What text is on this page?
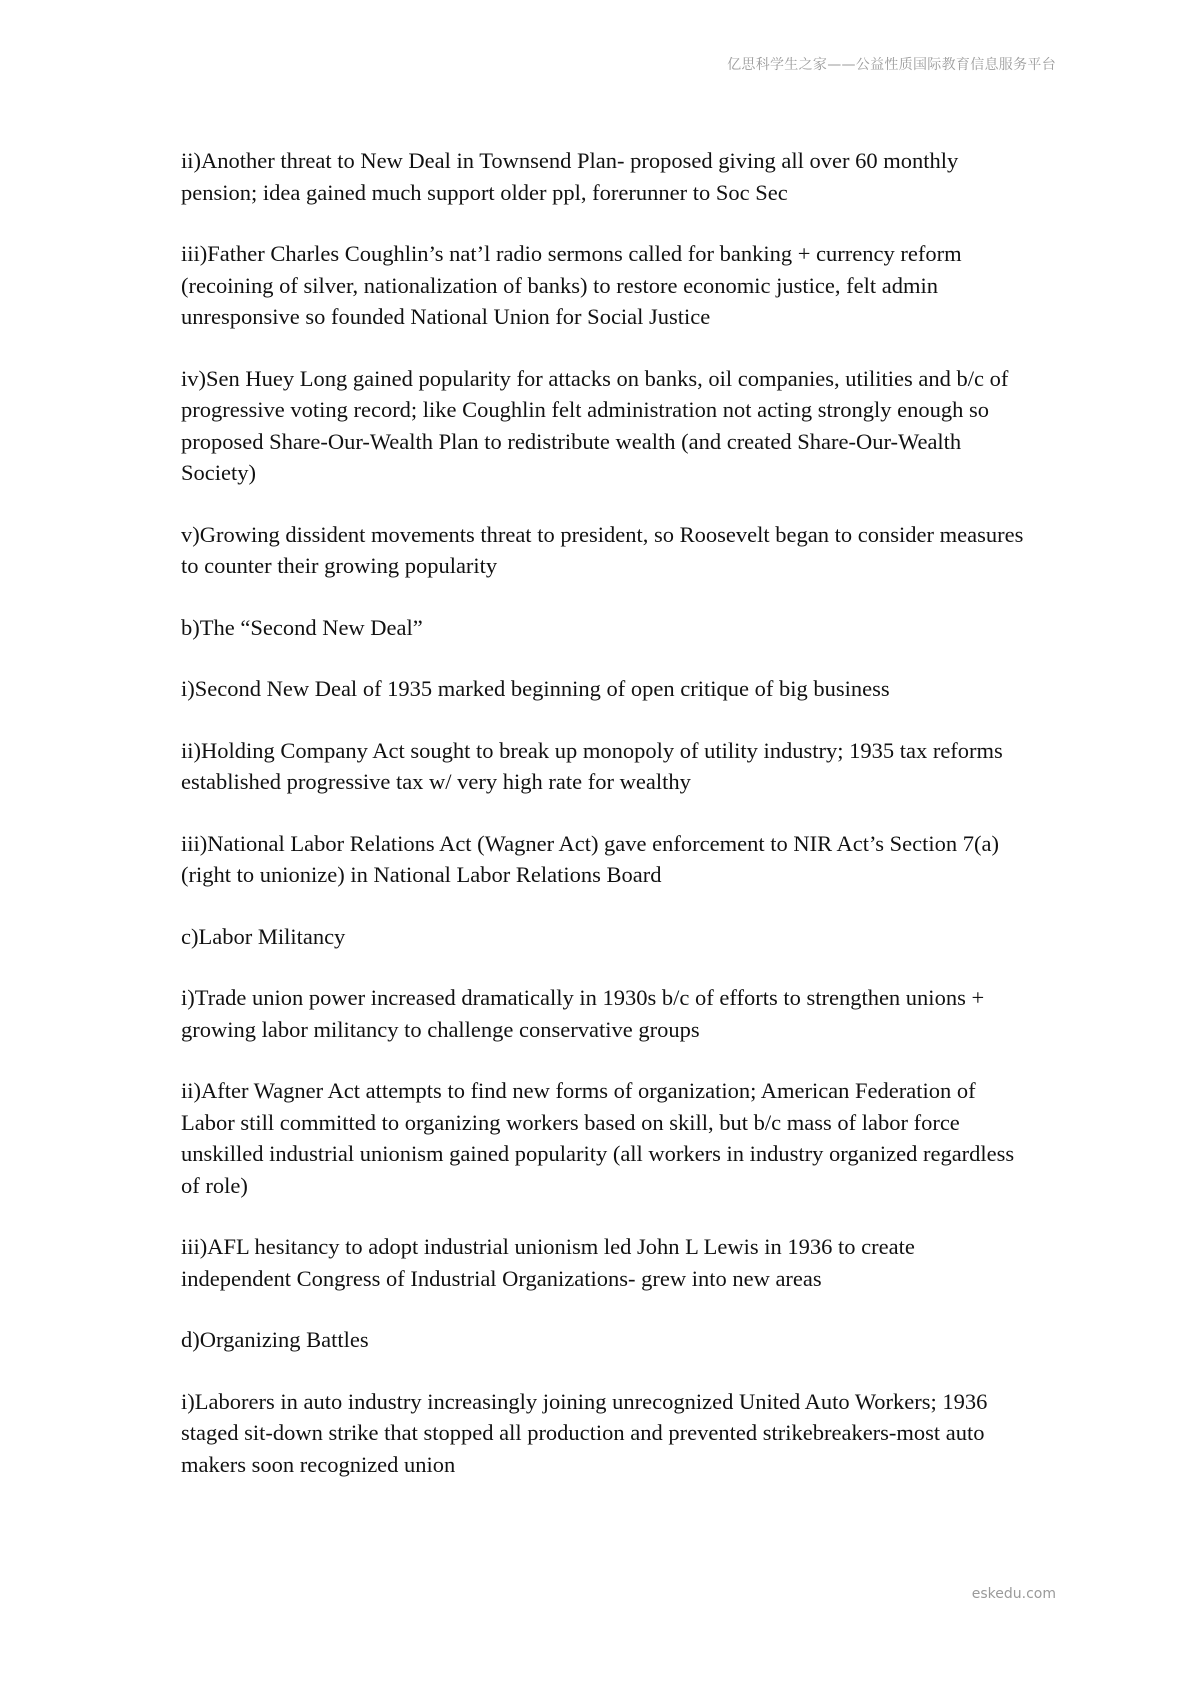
亿思科学生之家——公益性质国际教育信息服务平台

ii)Another threat to New Deal in Townsend Plan- proposed giving all over 60 monthly pension; idea gained much support older ppl, forerunner to Soc Sec

iii)Father Charles Coughlin’s nat’l radio sermons called for banking + currency reform (recoining of silver, nationalization of banks) to restore economic justice, felt admin unresponsive so founded National Union for Social Justice

iv)Sen Huey Long gained popularity for attacks on banks, oil companies, utilities and b/c of progressive voting record; like Coughlin felt administration not acting strongly enough so proposed Share-Our-Wealth Plan to redistribute wealth (and created Share-Our-Wealth Society)

v)Growing dissident movements threat to president, so Roosevelt began to consider measures to counter their growing popularity

b)The “Second New Deal”

i)Second New Deal of 1935 marked beginning of open critique of big business

ii)Holding Company Act sought to break up monopoly of utility industry; 1935 tax reforms established progressive tax w/ very high rate for wealthy

iii)National Labor Relations Act (Wagner Act) gave enforcement to NIR Act’s Section 7(a) (right to unionize) in National Labor Relations Board

c)Labor Militancy

i)Trade union power increased dramatically in 1930s b/c of efforts to strengthen unions + growing labor militancy to challenge conservative groups

ii)After Wagner Act attempts to find new forms of organization; American Federation of Labor still committed to organizing workers based on skill, but b/c mass of labor force unskilled industrial unionism gained popularity (all workers in industry organized regardless of role)

iii)AFL hesitancy to adopt industrial unionism led John L Lewis in 1936 to create independent Congress of Industrial Organizations- grew into new areas

d)Organizing Battles

i)Laborers in auto industry increasingly joining unrecognized United Auto Workers; 1936 staged sit-down strike that stopped all production and prevented strikebreakers-most auto makers soon recognized union

eskedu.com
